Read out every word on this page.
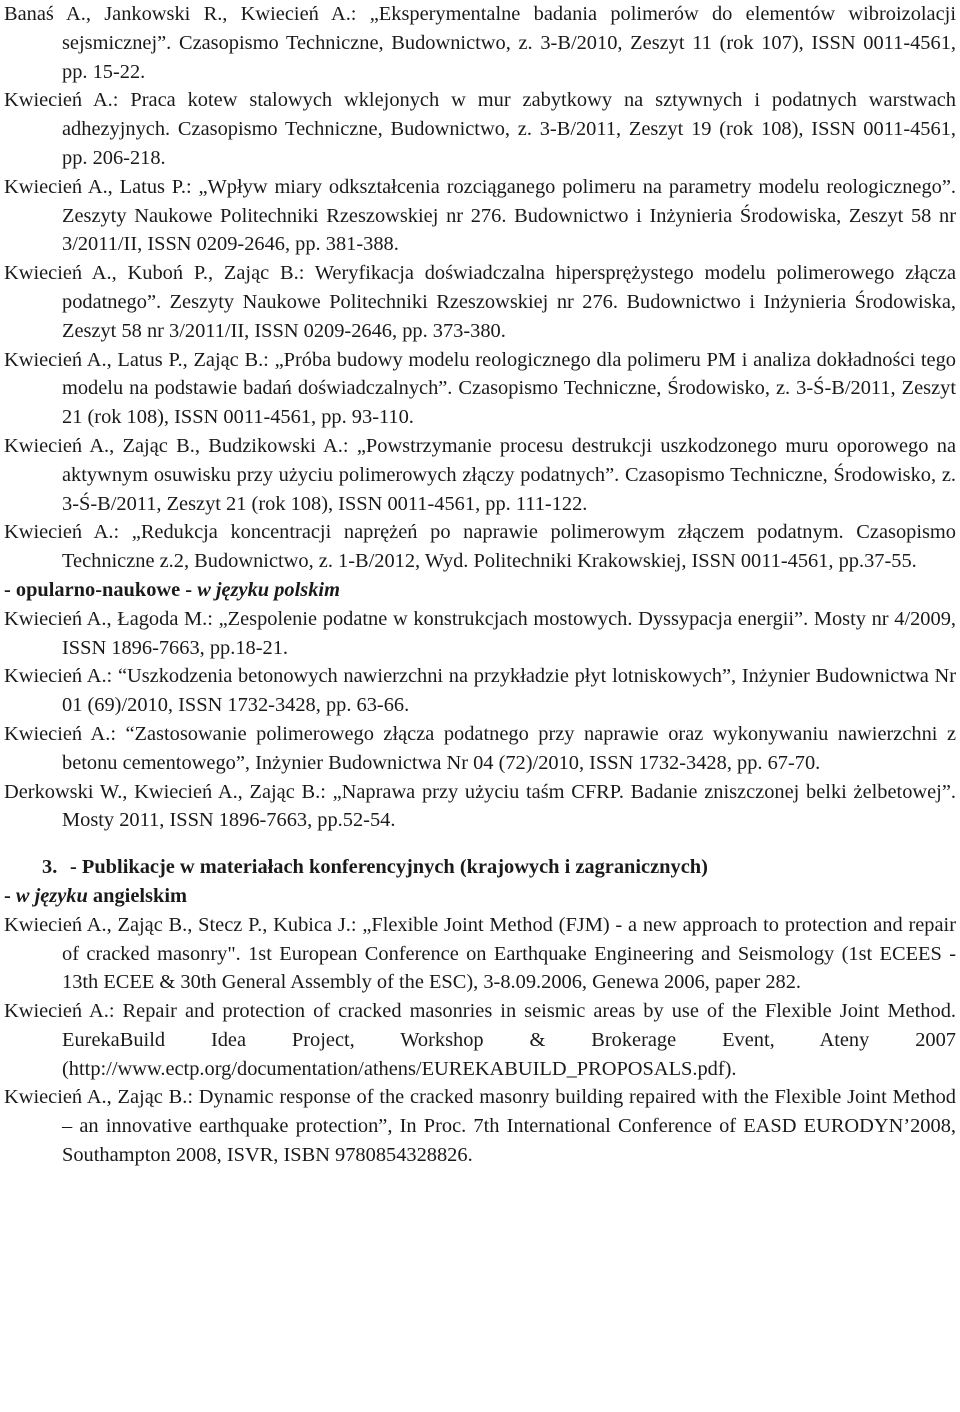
Banaś A., Jankowski R., Kwiecień A.: „Eksperymentalne badania polimerów do elementów wibroizolacji sejsmicznej”. Czasopismo Techniczne, Budownictwo, z. 3-B/2010, Zeszyt 11 (rok 107), ISSN 0011-4561, pp. 15-22.
Kwiecień A.: Praca kotew stalowych wklejonych w mur zabytkowy na sztywnych i podatnych warstwach adhezyjnych. Czasopismo Techniczne, Budownictwo, z. 3-B/2011, Zeszyt 19 (rok 108), ISSN 0011-4561, pp. 206-218.
Kwiecień A., Latus P.: „Wpływ miary odkształcenia rozciąganego polimeru na parametry modelu reologicznego”. Zeszyty Naukowe Politechniki Rzeszowskiej nr 276. Budownictwo i Inżynieria Środowiska, Zeszyt 58 nr 3/2011/II, ISSN 0209-2646, pp. 381-388.
Kwiecień A., Kuboń P., Zając B.: Weryfikacja doświadczalna hipersprężystego modelu polimerowego złącza podatnego”. Zeszyty Naukowe Politechniki Rzeszowskiej nr 276. Budownictwo i Inżynieria Środowiska, Zeszyt 58 nr 3/2011/II, ISSN 0209-2646, pp. 373-380.
Kwiecień A., Latus P., Zając B.: „Próba budowy modelu reologicznego dla polimeru PM i analiza dokładności tego modelu na podstawie badań doświadczalnych”. Czasopismo Techniczne, Środowisko, z. 3-Ś-B/2011, Zeszyt 21 (rok 108), ISSN 0011-4561, pp. 93-110.
Kwiecień A., Zając B., Budzikowski A.: „Powstrzymanie procesu destrukcji uszkodzonego muru oporowego na aktywnym osuwisku przy użyciu polimerowych złączy podatnych”. Czasopismo Techniczne, Środowisko, z. 3-Ś-B/2011, Zeszyt 21 (rok 108), ISSN 0011-4561, pp. 111-122.
Kwiecień A.: „Redukcja koncentracji naprężeń po naprawie polimerowym złączem podatnym. Czasopismo Techniczne z.2, Budownictwo, z. 1-B/2012, Wyd. Politechniki Krakowskiej, ISSN 0011-4561, pp.37-55.
- opularno-naukowe - w języku polskim
Kwiecień A., Łagoda M.: „Zespolenie podatne w konstrukcjach mostowych. Dyssypacja energii”. Mosty nr 4/2009, ISSN 1896-7663, pp.18-21.
Kwiecień A.: “Uszkodzenia betonowych nawierzchni na przykładzie płyt lotniskowych”, Inżynier Budownictwa Nr 01 (69)/2010, ISSN 1732-3428, pp. 63-66.
Kwiecień A.: “Zastosowanie polimerowego złącza podatnego przy naprawie oraz wykonywaniu nawierzchni z betonu cementowego”, Inżynier Budownictwa Nr 04 (72)/2010, ISSN 1732-3428, pp. 67-70.
Derkowski W., Kwiecień A., Zając B.: „Naprawa przy użyciu taśm CFRP. Badanie zniszczonej belki żelbetowej”. Mosty 2011, ISSN 1896-7663, pp.52-54.
3. - Publikacje w materiałach konferencyjnych (krajowych i zagranicznych)
- w języku angielskim
Kwiecień A., Zając B., Stecz P., Kubica J.: „Flexible Joint Method (FJM) - a new approach to protection and repair of cracked masonry". 1st European Conference on Earthquake Engineering and Seismology (1st ECEES - 13th ECEE & 30th General Assembly of the ESC), 3-8.09.2006, Genewa 2006, paper 282.
Kwiecień A.: Repair and protection of cracked masonries in seismic areas by use of the Flexible Joint Method. EurekaBuild Idea Project, Workshop & Brokerage Event, Ateny 2007 (http://www.ectp.org/documentation/athens/EUREKABUILD_PROPOSALS.pdf).
Kwiecień A., Zając B.: Dynamic response of the cracked masonry building repaired with the Flexible Joint Method – an innovative earthquake protection”, In Proc. 7th International Conference of EASD EURODYN’2008, Southampton 2008, ISVR, ISBN 9780854328826.
